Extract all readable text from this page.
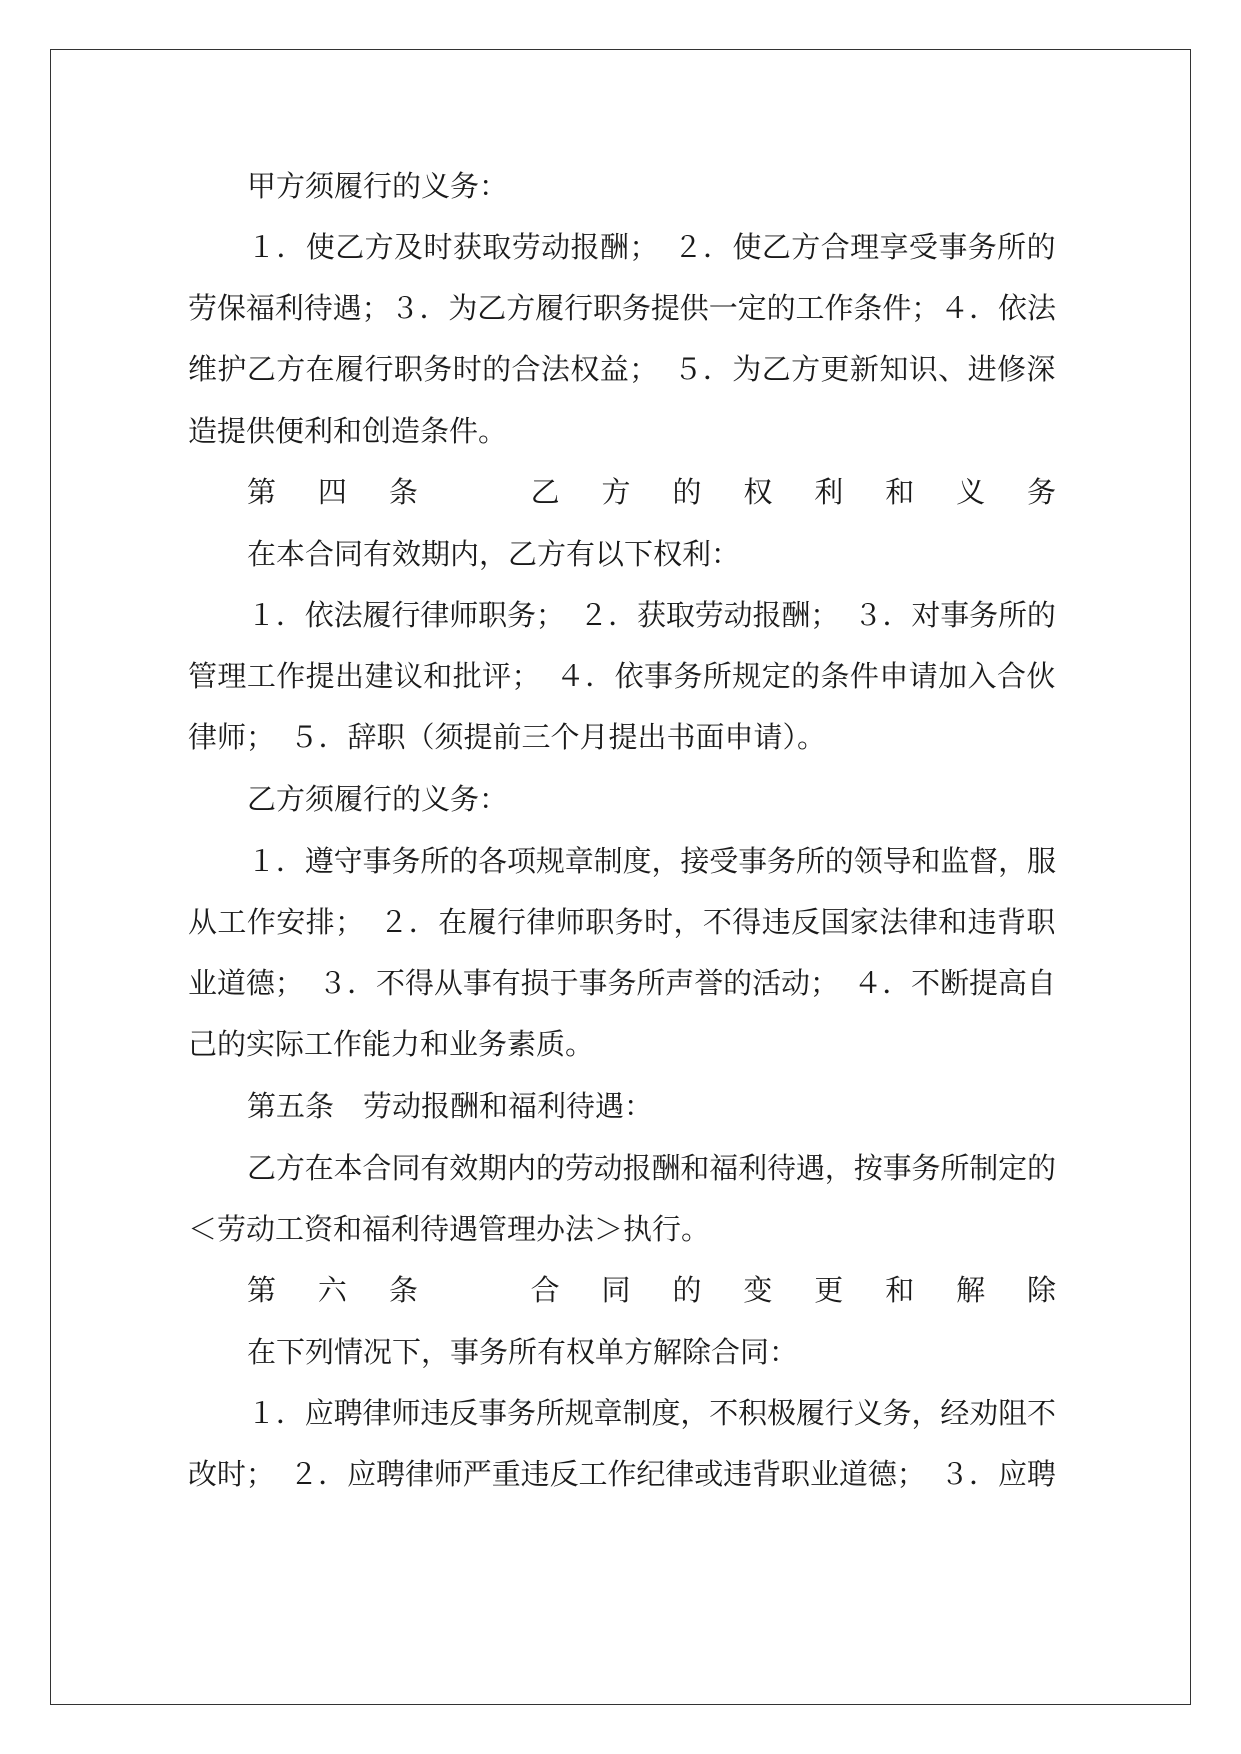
甲方须履行的义务：
１．使乙方及时获取劳动报酬；　２．使乙方合理享受事务所的
劳保福利待遇；３．为乙方履行职务提供一定的工作条件；４．依法
维护乙方在履行职务时的合法权益；　５．为乙方更新知识、进修深
造提供便利和创造条件。
第四条　乙方的权利和义务
在本合同有效期内，乙方有以下权利：
１．依法履行律师职务；　２．获取劳动报酬；　３．对事务所的
管理工作提出建议和批评；　４．依事务所规定的条件申请加入合伙
律师；　５．辞职（须提前三个月提出书面申请）。
乙方须履行的义务：
１．遵守事务所的各项规章制度，接受事务所的领导和监督，服
从工作安排；　２．在履行律师职务时，不得违反国家法律和违背职
业道德；　３．不得从事有损于事务所声誉的活动；　４．不断提高自
己的实际工作能力和业务素质。
第五条　劳动报酬和福利待遇：
乙方在本合同有效期内的劳动报酬和福利待遇，按事务所制定的
＜劳动工资和福利待遇管理办法＞执行。
第六条　合同的变更和解除
在下列情况下，事务所有权单方解除合同：
１．应聘律师违反事务所规章制度，不积极履行义务，经劝阻不
改时；　２．应聘律师严重违反工作纪律或违背职业道德；　３．应聘
